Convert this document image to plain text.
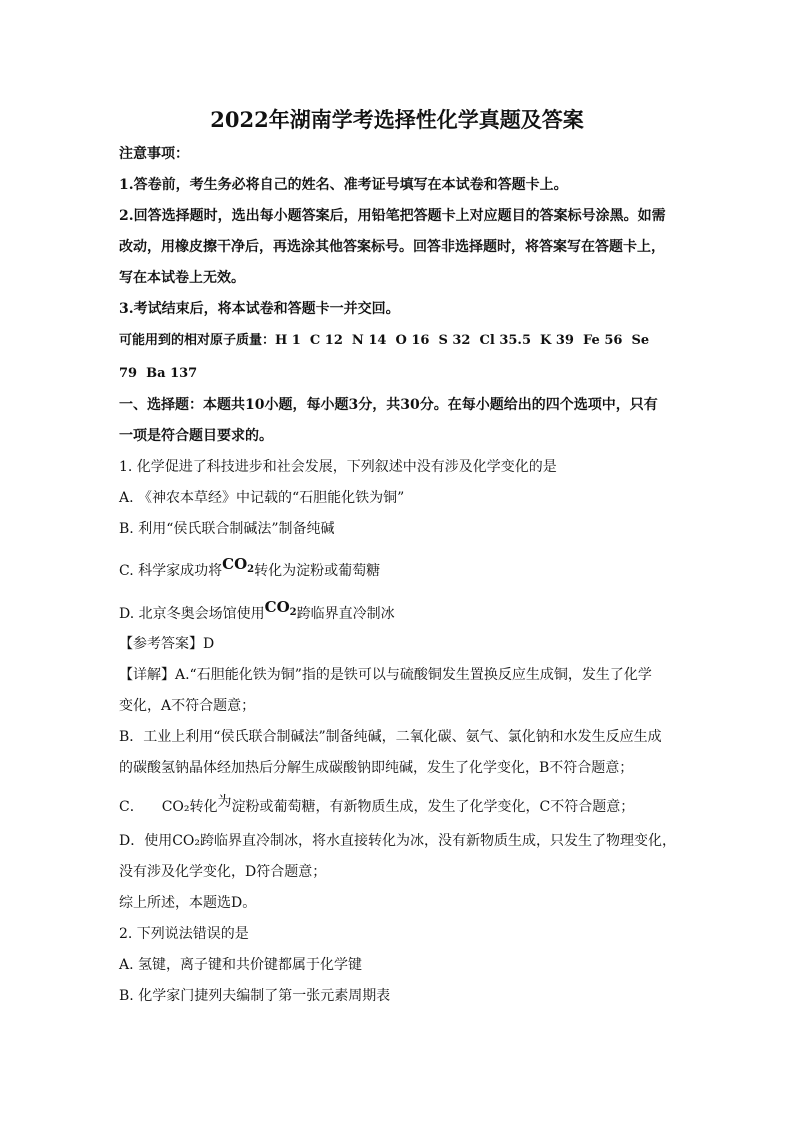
2022年湖南学考选择性化学真题及答案
注意事项：
1.答卷前，考生务必将自己的姓名、准考证号填写在本试卷和答题卡上。
2.回答选择题时，选出每小题答案后，用铅笔把答题卡上对应题目的答案标号涂黑。如需
改动，用橡皮擦干净后，再选涂其他答案标号。回答非选择题时，将答案写在答题卡上，
写在本试卷上无效。
3.考试结束后，将本试卷和答题卡一并交回。
可能用到的相对原子质量：H 1  C 12  N 14  O 16  S 32  Cl 35.5  K 39  Fe 56  Se
79  Ba 137
一、选择题：本题共10小题，每小题3分，共30分。在每小题给出的四个选项中，只有
一项是符合题目要求的。
1. 化学促进了科技进步和社会发展，下列叙述中没有涉及化学变化的是
A. 《神农本草经》中记载的“石胆能化铁为铜”
B. 利用“侯氏联合制碱法”制备纯碱
C. 科学家成功将$CO_2$转化为淀粉或葡萄糖
D. 北京冬奥会场馆使用$CO_2$跨临界直冷制冰
【参考答案】D
【详解】A.“石胆能化铁为铜”指的是铁可以与硫酸铜发生置换反应生成铜，发生了化学
变化，A不符合题意；
B．工业上利用“侯氏联合制碱法”制备纯碱，二氧化碳、氨气、氯化钠和水发生反应生成
的碳酸氢钠晶体经加热后分解生成碳酸钠即纯碱，发生了化学变化，B不符合题意；
C． CO₂转化为淀粉或葡萄糖，有新物质生成，发生了化学变化，C不符合题意；
D．使用CO₂跨临界直冷制冰，将水直接转化为冰，没有新物质生成，只发生了物理变化，
没有涉及化学变化，D符合题意；
综上所述，本题选D。
2. 下列说法错误的是
A. 氢键，离子键和共价键都属于化学键
B. 化学家门捷列夫编制了第一张元素周期表
